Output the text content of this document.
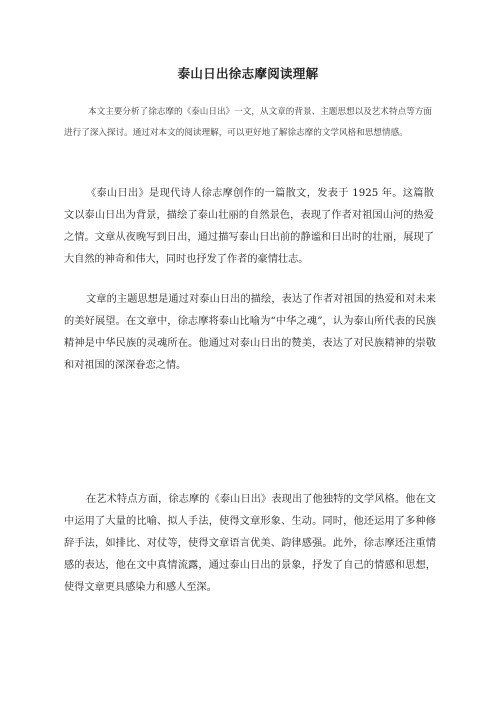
泰山日出徐志摩阅读理解

本文主要分析了徐志摩的《泰山日出》一文，从文章的背景、主题思想以及艺术特点等方面进行了深入探讨。通过对本文的阅读理解，可以更好地了解徐志摩的文学风格和思想情感。

《泰山日出》是现代诗人徐志摩创作的一篇散文，发表于 1925 年。这篇散文以泰山日出为背景，描绘了泰山壮丽的自然景色，表现了作者对祖国山河的热爱之情。文章从夜晚写到日出，通过描写泰山日出前的静谧和日出时的壮丽，展现了大自然的神奇和伟大，同时也抒发了作者的豪情壮志。

文章的主题思想是通过对泰山日出的描绘，表达了作者对祖国的热爱和对未来的美好展望。在文章中，徐志摩将泰山比喻为“中华之魂”，认为泰山所代表的民族精神是中华民族的灵魂所在。他通过对泰山日出的赞美，表达了对民族精神的崇敬和对祖国的深深眷恋之情。

在艺术特点方面，徐志摩的《泰山日出》表现出了他独特的文学风格。他在文中运用了大量的比喻、拟人手法，使得文章形象、生动。同时，他还运用了多种修辞手法，如排比、对仗等，使得文章语言优美、韵律感强。此外，徐志摩还注重情感的表达，他在文中真情流露，通过泰山日出的景象，抒发了自己的情感和思想，使得文章更具感染力和感人至深。
